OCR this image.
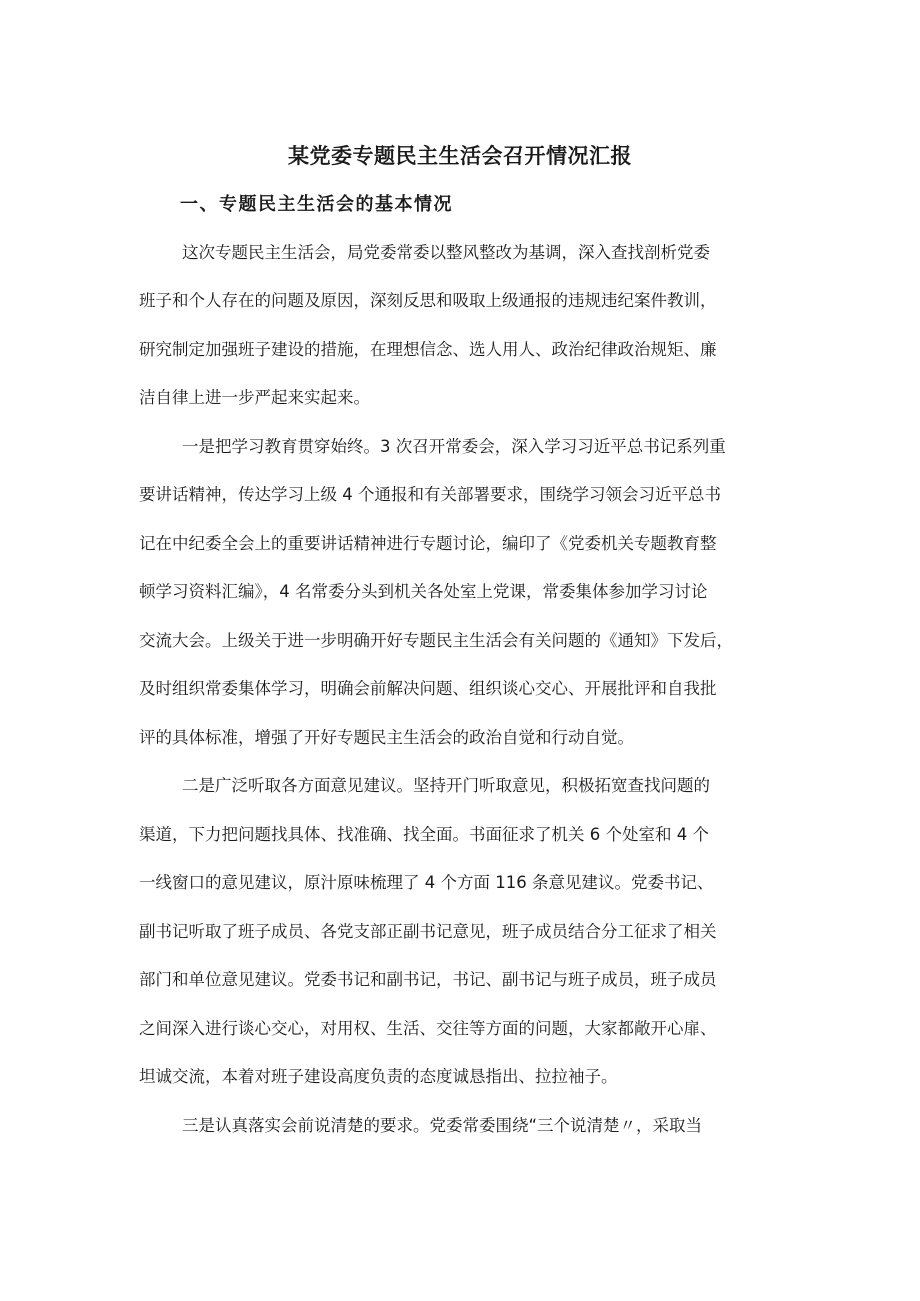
某党委专题民主生活会召开情况汇报
一、专题民主生活会的基本情况

这次专题民主生活会，局党委常委以整风整改为基调，深入查找剖析党委

班子和个人存在的问题及原因，深刻反思和吸取上级通报的违规违纪案件教训，

研究制定加强班子建设的措施，在理想信念、选人用人、政治纪律政治规矩、廉

洁自律上进一步严起来实起来。

一是把学习教育贯穿始终。3 次召开常委会，深入学习习近平总书记系列重

要讲话精神，传达学习上级 4 个通报和有关部署要求，围绕学习领会习近平总书

记在中纪委全会上的重要讲话精神进行专题讨论，编印了《党委机关专题教育整

顿学习资料汇编》，4 名常委分头到机关各处室上党课，常委集体参加学习讨论

交流大会。上级关于进一步明确开好专题民主生活会有关问题的《通知》下发后，

及时组织常委集体学习，明确会前解决问题、组织谈心交心、开展批评和自我批

评的具体标准，增强了开好专题民主生活会的政治自觉和行动自觉。

二是广泛听取各方面意见建议。坚持开门听取意见，积极拓宽查找问题的

渠道，下力把问题找具体、找准确、找全面。书面征求了机关 6 个处室和 4 个

一线窗口的意见建议，原汁原味梳理了 4 个方面 116 条意见建议。党委书记、

副书记听取了班子成员、各党支部正副书记意见，班子成员结合分工征求了相关

部门和单位意见建议。党委书记和副书记，书记、副书记与班子成员，班子成员

之间深入进行谈心交心，对用权、生活、交往等方面的问题，大家都敞开心扉、

坦诚交流，本着对班子建设高度负责的态度诚恳指出、拉拉袖子。

三是认真落实会前说清楚的要求。党委常委围绕“三个说清楚〃，采取当
